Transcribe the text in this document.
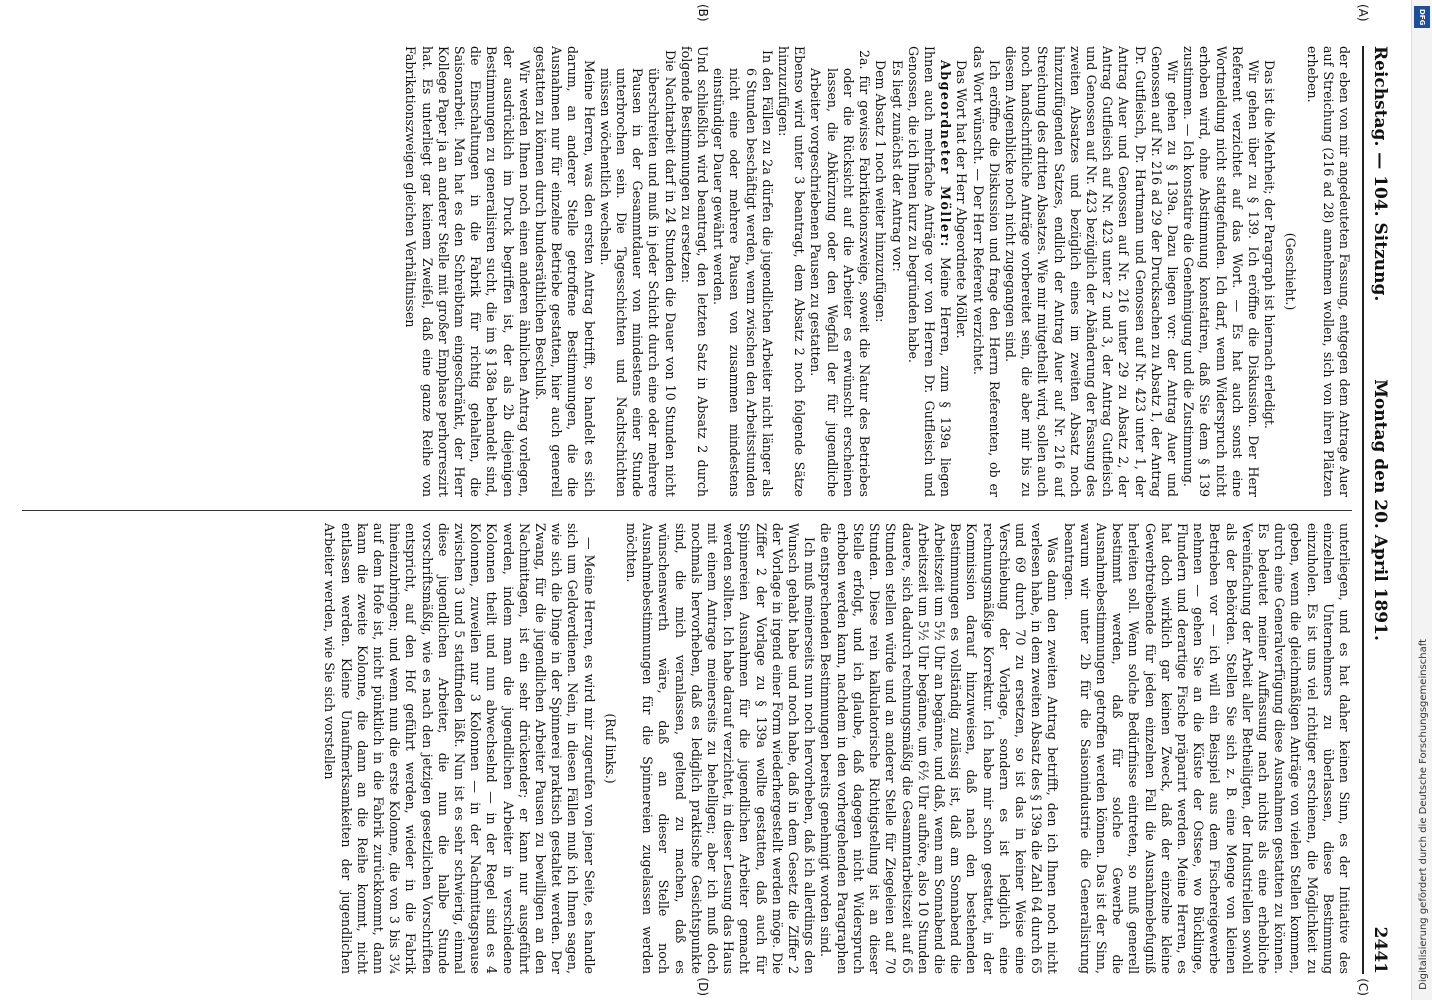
Reichstag. — 104. Sitzung.
Montag den 20. April 1891.
2441

der eben von mir angedeuteten Fassung, entgegen dem Antrage Auer auf Streichung (216 ad 28) annehmen wollen, sich von ihren Plätzen erheben.

(Geschieht.)

Das ist die Mehrheit; der Paragraph ist hiernach erledigt.

Wir gehen über zu § 139. Ich eröffne die Diskussion. Der Herr Referent verzichtet auf das Wort. — Es hat auch sonst eine Wortmeldung nicht stattgefunden. Ich darf, wenn Widerspruch nicht erhoben wird, ohne Abstimmung konstatiren, daß Sie dem § 139 zustimmen. — Ich konstatire die Genehmigung und die Zustimmung.

Wir gehen zu § 139a. Dazu liegen vor: der Antrag Auer und Genossen auf Nr. 216 ad 29 der Drucksachen zu Absatz 1, der Antrag Dr. Gutfleisch, Dr. Hartmann und Genossen auf Nr. 423 unter 1, der Antrag Auer und Genossen auf Nr. 216 unter 29 zu Absatz 2, der Antrag Gutfleisch auf Nr. 423 unter 2 und 3, der Antrag Gutfleisch und Genossen auf Nr. 423 bezüglich der Abänderung der Fassung des zweiten Absatzes und bezüglich eines im zweiten Absatz noch hinzuzufügenden Satzes, endlich der Antrag Auer auf Nr. 216 auf Streichung des dritten Absatzes. Wie mir mitgetheilt wird, sollen auch noch handschriftliche Anträge vorbereitet sein, die aber mir bis zu diesem Augenblicke noch nicht zugegangen sind.

Ich eröffne die Diskussion und frage den Herrn Referenten, ob er das Wort wünscht. — Der Herr Referent verzichtet.

Das Wort hat der Herr Abgeordnete Möller.

Abgeordneter Möller: Meine Herren, zum § 139a liegen Ihnen auch mehrfache Anträge vor von Herren Dr. Gutfleisch und Genossen, die ich Ihnen kurz zu begründen habe.

Es liegt zunächst der Antrag vor:

Dem Absatz 1 noch weiter hinzuzufügen:

2a. für gewisse Fabrikationszweige, soweit die Natur des Betriebes oder die Rücksicht auf die Arbeiter es erwünscht erscheinen lassen, die Abkürzung oder den Wegfall der für jugendliche Arbeiter vorgeschriebenen Pausen zu gestatten.

Ebenso wird unter 3 beantragt, dem Absatz 2 noch folgende Sätze hinzuzufügen:

In den Fällen zu 2a dürfen die jugendlichen Arbeiter nicht länger als 6 Stunden beschäftigt werden, wenn zwischen den Arbeitsstunden nicht eine oder mehrere Pausen von zusammen mindestens einstündiger Dauer gewährt werden.

Und schließlich wird beantragt, den letzten Satz in Absatz 2 durch folgende Bestimmungen zu ersetzen:

Die Nachtarbeit darf in 24 Stunden die Dauer von 10 Stunden nicht überschreiten und muß in jeder Schicht durch eine oder mehrere Pausen in der Gesammtdauer von mindestens einer Stunde unterbrochen sein. Die Tagesschichten und Nachtschichten müssen wöchentlich wechseln.

Meine Herren, was den ersten Antrag betrifft, so handelt es sich darum, an anderer Stelle getroffene Bestimmungen, die die Ausnahmen nur für einzelne Betriebe gestatten, hier auch generell gestatten zu können durch bundesräthlichen Beschluß.

Wir werden Ihnen noch einen anderen ähnlichen Antrag vorlegen, der ausdrücklich im Druck begriffen ist, der als 2b diejenigen Bestimmungen zu generalisiren sucht, die im § 138a behandelt sind, die Einschaltungen in die Fabrik für richtig gehalten, die Saisonarbeit. Man hat es den Schreibtam eingeschränkt, der Herr Kollege Paper ja an anderer Stelle mit großer Emphase perhorreszirt hat. Es unterliegt gar keinem Zweifel, daß eine ganze Reihe von Fabrikationszweigen gleichen Verhältnissen

unterliegen, und es hat daher keinen Sinn, es der Initiative des einzelnen Unternehmers zu überlassen, diese Bestimmung einzuholen. Es ist uns viel richtiger erschienen, die Möglichkeit zu geben, wenn die gleichmäßigen Anträge von vielen Stellen kommen, durch eine Generalverfügung diese Ausnahmen gestatten zu können. Es bedeutet meiner Auffassung nach nichts als eine erhebliche Vereinfachung der Arbeit aller Betheiligten, der Industriellen sowohl als der Behörden. Stellen Sie sich z. B. eine Menge von kleinen Betrieben vor — ich will ein Beispiel aus dem Fischereigewerbe nehmen — gehen Sie an die Küste der Ostsee, wo Bücklinge, Flundern und derartige Fische präparirt werden. Meine Herren, es hat doch wirklich gar keinen Zweck, daß der einzelne kleine Gewerbtreibende für jeden einzelnen Fall die Ausnahmebefugniß herleiten soll. Wenn solche Bedürfnisse eintreten, so muß generell bestimmt werden, daß für solche Gewerbe die Ausnahmebestimmungen getroffen werden können. Das ist der Sinn, warum wir unter 2b für die Saisonindustrie die Generalisirung beantragen.

Was dann den zweiten Antrag betrifft, den ich Ihnen noch nicht verlesen habe, in dem zweiten Absatz des § 139a die Zahl 64 durch 65 und 69 durch 70 zu ersetzen, so ist das in keiner Weise eine Verschiebung der Vorlage, sondern es ist lediglich eine rechnungsmäßige Korrektur. Ich habe mir schon gestattet, in der Kommission darauf hinzuweisen, daß nach den bestehenden Bestimmungen es vollständig zulässig ist, daß am Sonnabend die Arbeitszeit um 5½ Uhr an begänne, und daß, wenn am Sonnabend die Arbeitszeit um 5½ Uhr begänne, um 6½ Uhr aufhöre, also 10 Stunden dauere, sich dadurch rechnungsmäßig die Gesammtarbeitszeit auf 65 Stunden stellen würde und an anderer Stelle für Ziegeleien auf 70 Stunden. Diese rein kalkulatorische Richtigstellung ist an dieser Stelle erfolgt, und ich glaube, daß dagegen nicht Widerspruch erhoben werden kann, nachdem in den vorhergehenden Paragraphen die entsprechenden Bestimmungen bereits genehmigt worden sind.

Ich muß meinerseits nun noch hervorheben, daß ich allerdings den Wunsch gehabt habe und noch habe, daß in dem Gesetz die Ziffer 2 der Vorlage in irgend einer Form wiederhergestellt werden möge. Die Ziffer 2 der Vorlage zu § 139a wollte gestatten, daß auch für Spinnereien Ausnahmen für die jugendlichen Arbeiter gemacht werden sollten. Ich habe darauf verzichtet, in dieser Lesung das Haus mit einem Antrage meinerseits zu behelligen; aber ich muß doch nochmals hervorheben, daß es lediglich praktische Gesichtspunkte sind, die mich veranlassen, geltend zu machen, daß es wünschenswerth wäre, daß an dieser Stelle noch Ausnahmebestimmungen für die Spinnereien zugelassen werden möchten.

(Ruf links.)

— Meine Herren, es wird mir zugerufen von jener Seite, es handle sich um Geldverdienen. Nein, in diesen Fällen muß ich Ihnen sagen, wie sich die Dinge in der Spinnerei praktisch gestaltet werden. Der Zwang, für die jugendlichen Arbeiter Pausen zu bewilligen an den Nachmittagen, ist ein sehr drückender; er kann nur ausgeführt werden, indem man die jugendlichen Arbeiter in verschiedene Kolonnen theilt und nun abwechselnd — in der Regel sind es 4 Kolonnen, zuweilen nur 3 Kolonnen — in der Nachmittagspause zwischen 3 und 5 stattfinden läßt. Nun ist es sehr schwierig, einmal diese jugendlichen Arbeiter, die nun die halbe Stunde vorschriftsmäßig, wie es nach den jetzigen gesetzlichen Vorschriften entspricht, auf den Hof geführt werden, wieder in die Fabrik hineinzubringen; und wenn nun die erste Kolonne, die von 3 bis 3¼ auf dem Hofe ist, nicht pünktlich in die Fabrik zurückkommt, dann kann die zweite Kolonne, die dann an die Reihe kommt, nicht entlassen werden. Kleine Unaufmerksamkeiten der jugendlichen Arbeiter werden, wie Sie sich vorstellen

(A)
(B)
(C)
(D)
DFG
Digitalisierung gefördert durch die Deutsche Forschungsgemeinschaft
